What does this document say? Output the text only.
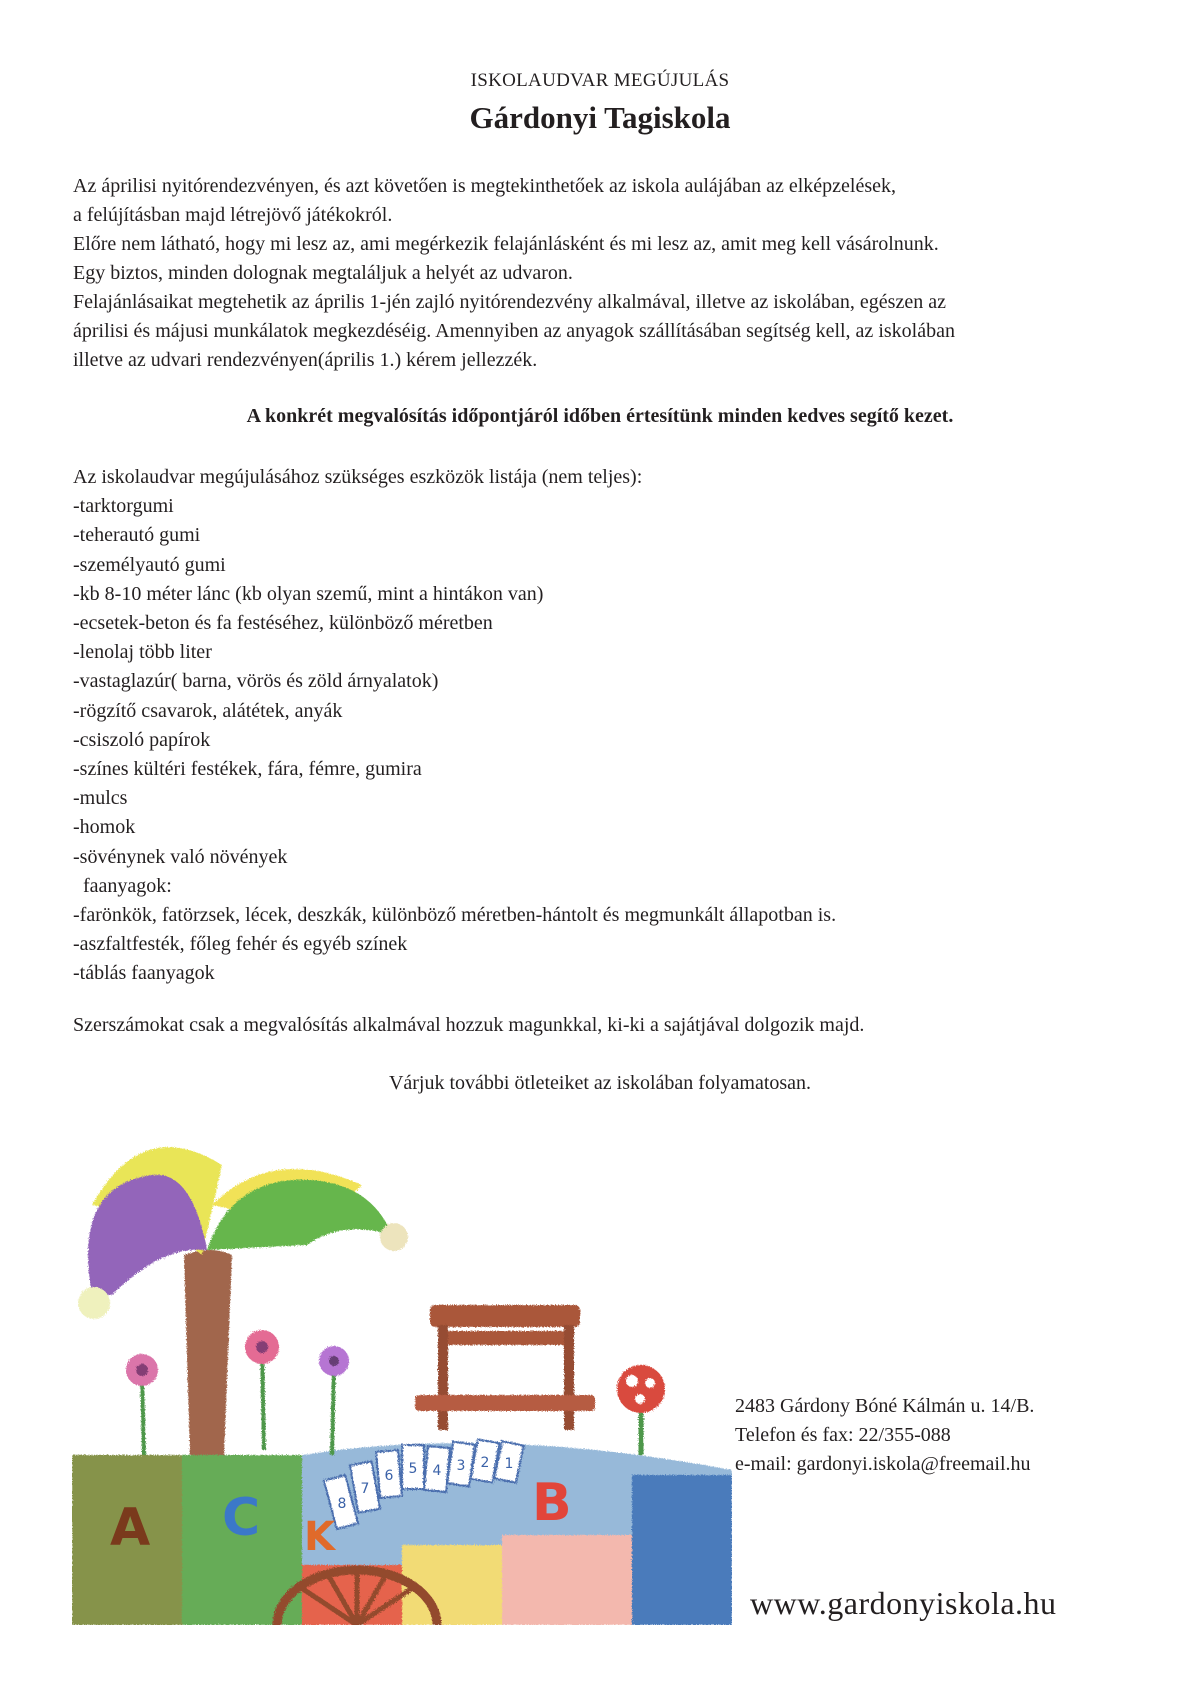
ISKOLAUDVAR MEGÚJULÁS
Gárdonyi Tagiskola
Az áprilisi nyitórendezvényen, és azt követően is megtekinthetőek az iskola aulájában az elképzelések,
a felújításban majd létrejövő játékokról.
Előre nem látható, hogy mi lesz az, ami megérkezik felajánlásként és mi lesz az, amit meg kell vásárolnunk.
Egy biztos, minden dolognak megtaláljuk a helyét az udvaron.
Felajánlásaikat megtehetik az április 1-jén zajló nyitórendezvény alkalmával, illetve az iskolában, egészen az
áprilisi és májusi munkálatok megkezdéséig. Amennyiben az anyagok szállításában segítség kell, az iskolában
illetve az udvari rendezvényen(április 1.) kérem jellezzék.
A konkrét megvalósítás időpontjáról időben értesítünk minden kedves segítő kezet.
Az iskolaudvar megújulásához szükséges eszközök listája (nem teljes):
-tarktorgumi
-teherautó gumi
-személyautó gumi
-kb 8-10 méter lánc (kb olyan szemű, mint a hintákon van)
-ecsetek-beton és fa festéséhez, különböző méretben
-lenolaj több liter
-vastaglazúr( barna, vörös és zöld árnyalatok)
-rögzítő csavarok, alátétek, anyák
-csiszoló papírok
-színes kültéri festékek, fára, fémre, gumira
-mulcs
-homok
-sövénynek való növények
faanyagok:
-farönkök, fatörzsek, lécek, deszkák, különböző méretben-hántolt és megmunkált állapotban is.
-aszfaltfesték, főleg fehér és egyéb színek
-táblás faanyagok
Szerszámokat csak a megvalósítás alkalmával hozzuk magunkkal, ki-ki a sajátjával dolgozik majd.
Várjuk további ötleteiket az iskolában folyamatosan.
8
7
6 5 4 3 2 1
A C K
B
2483 Gárdony Bóné Kálmán u. 14/B.
Telefon és fax: 22/355-088
e-mail: gardonyi.iskola@freemail.hu
www.gardonyiskola.hu
